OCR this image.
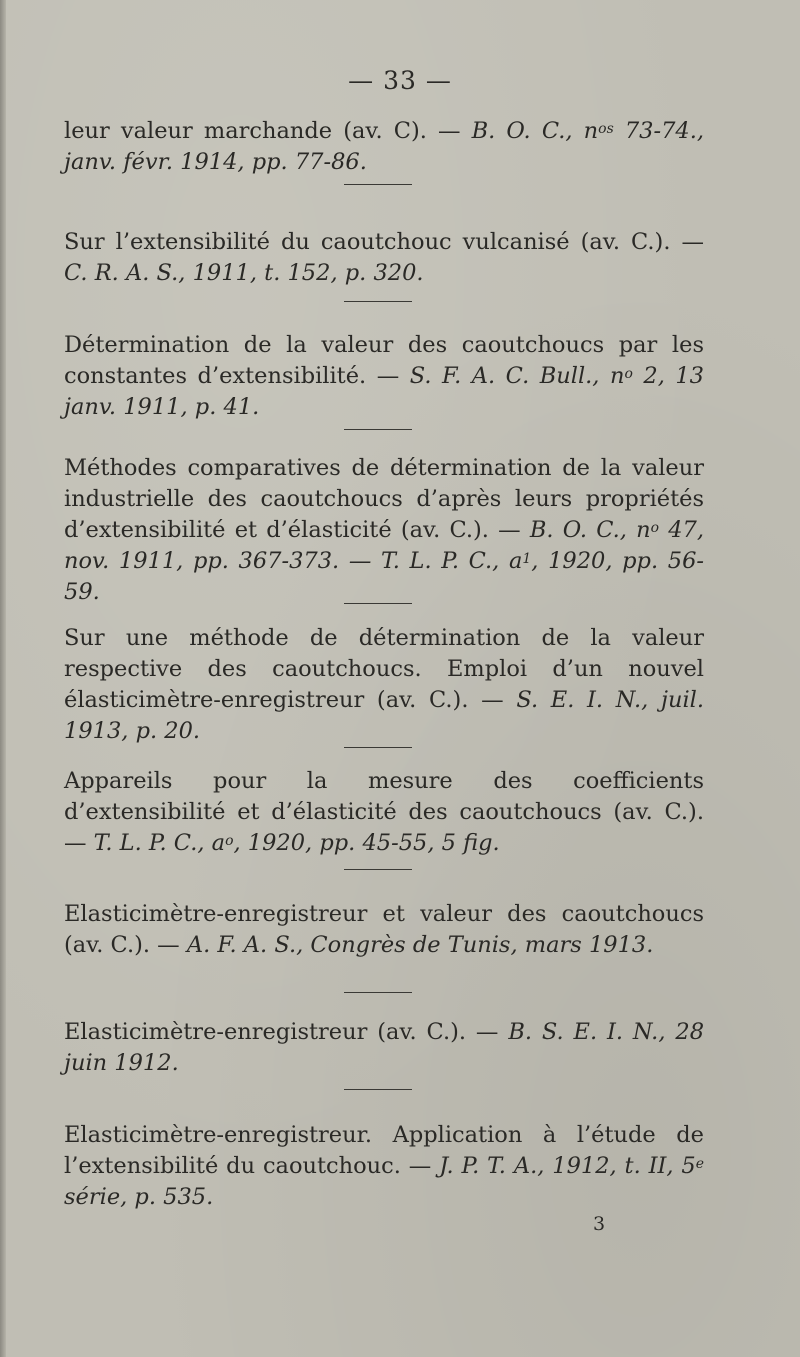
— 33 —

leur valeur marchande (av. C). — B. O. C., n$^{os}$ 73-74., janv. févr. 1914, pp. 77-86.

Sur l’extensibilité du caoutchouc vulcanisé (av. C.). — C. R. A. S., 1911, t. 152, p. 320.

Détermination de la valeur des caoutchoucs par les constantes d’extensibilité. — S. F. A. C. Bull., n$^o$ 2, 13 janv. 1911, p. 41.

Méthodes comparatives de détermination de la valeur industrielle des caoutchoucs d’après leurs propriétés d’extensibilité et d’élasticité (av. C.). — B. O. C., n$^o$ 47, nov. 1911, pp. 367-373. — T. L. P. C., a$^1$, 1920, pp. 56-59.

Sur une méthode de détermination de la valeur respective des caoutchoucs. Emploi d’un nouvel élasticimètre-enregistreur (av. C.). — S. E. I. N., juil. 1913, p. 20.

Appareils pour la mesure des coefficients d’extensibilité et d’élasticité des caoutchoucs (av. C.). — T. L. P. C., a$^o$, 1920, pp. 45-55, 5 fig.

Elasticimètre-enregistreur et valeur des caoutchoucs (av. C.). — A. F. A. S., Congrès de Tunis, mars 1913.

Elasticimètre-enregistreur (av. C.). — B. S. E. I. N., 28 juin 1912.

Elasticimètre-enregistreur. Application à l’étude de l’extensibilité du caoutchouc. — J. P. T. A., 1912, t. II, 5e série, p. 535.

3
